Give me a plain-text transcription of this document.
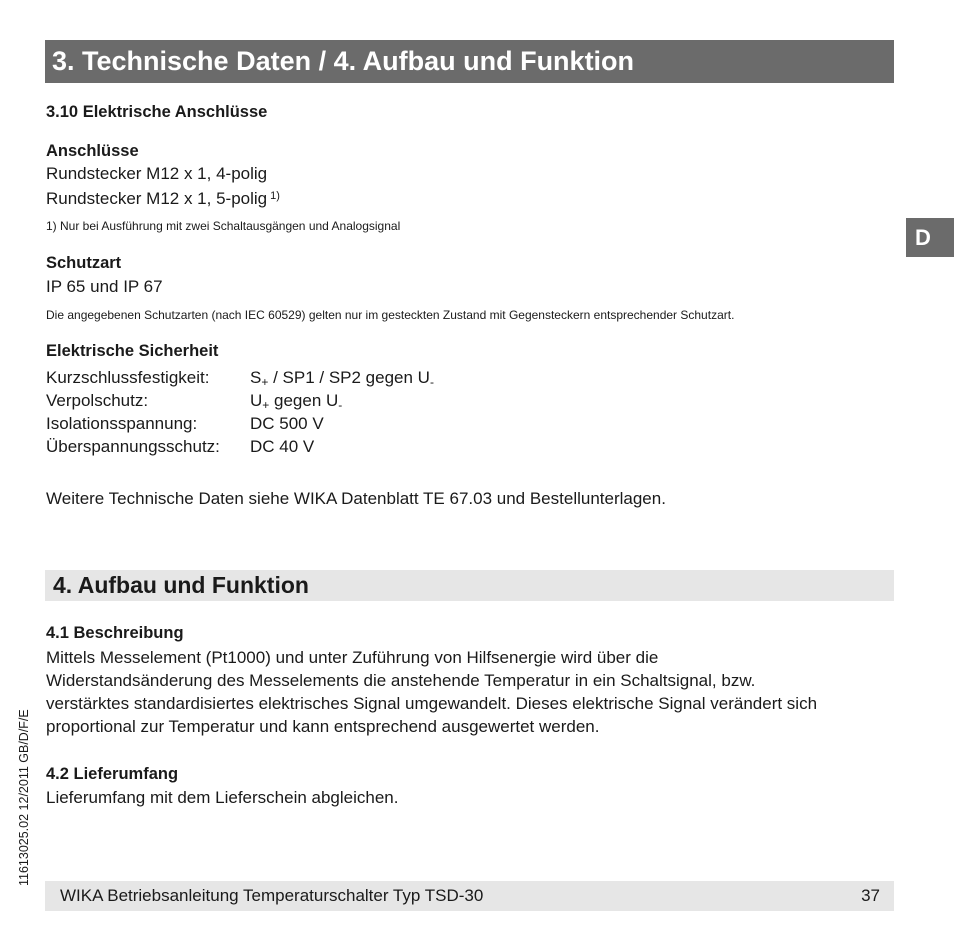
3. Technische Daten / 4. Aufbau und Funktion
3.10 Elektrische Anschlüsse
Anschlüsse
Rundstecker M12 x 1, 4-polig
Rundstecker M12 x 1, 5-polig $^{1)}$
1) Nur bei Ausführung mit zwei Schaltausgängen und Analogsignal
Schutzart
IP 65 und IP 67
Die angegebenen Schutzarten (nach IEC 60529) gelten nur im gesteckten Zustand mit Gegensteckern entsprechender Schutzart.
Elektrische Sicherheit
Kurzschlussfestigkeit: $S_+ / SP1 / SP2$ gegen $U_-$
Verpolschutz:	$U_+$ gegen $U_-$
Isolationsspannung:	DC 500 V
Überspannungsschutz: DC 40 V
Weitere Technische Daten siehe WIKA Datenblatt TE 67.03 und Bestellunterlagen.
4. Aufbau und Funktion
4.1 Beschreibung
Mittels Messelement (Pt1000) und unter Zuführung von Hilfsenergie wird über die
Widerstandsänderung des Messelements die anstehende Temperatur in ein Schaltsignal, bzw.
verstärktes standardisiertes elektrisches Signal umgewandelt. Dieses elektrische Signal verändert sich
proportional zur Temperatur und kann entsprechend ausgewertet werden.
4.2 Lieferumfang
Lieferumfang mit dem Lieferschein abgleichen.
D
11613025.02 12/2011 GB/D/F/E
WIKA Betriebsanleitung Temperaturschalter Typ TSD-30	37
